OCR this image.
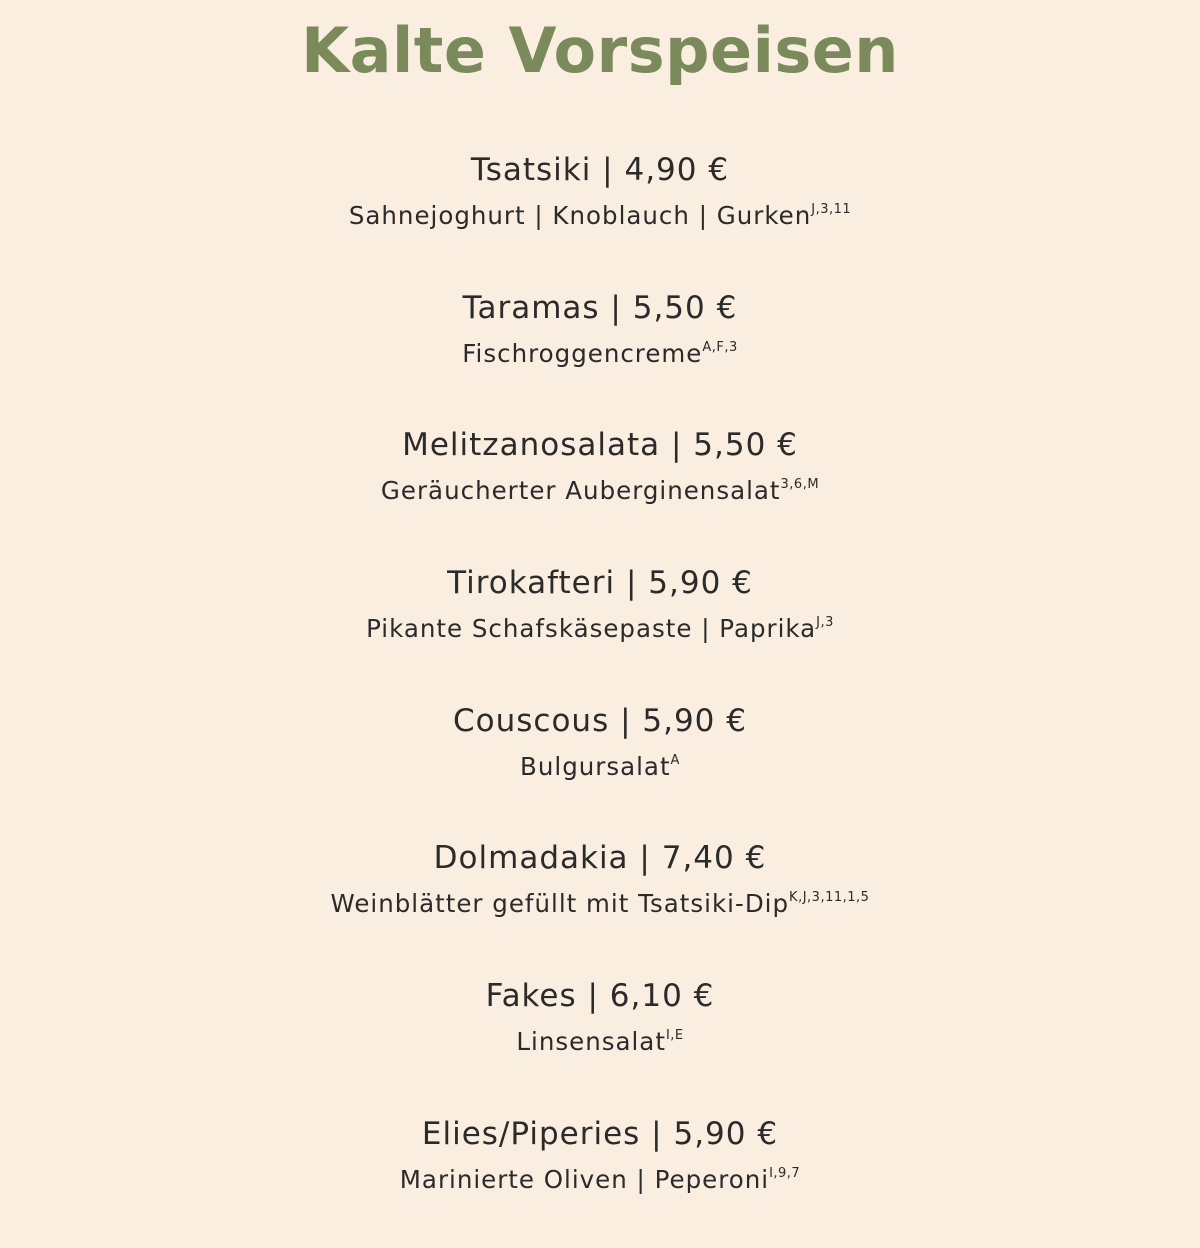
Kalte Vorspeisen
Tsatsiki | 4,90 €
Sahnejoghurt | Knoblauch | Gurken$^{J,3,11}$
Taramas | 5,50 €
Fischroggencreme$^{A,F,3}$
Melitzanosalata | 5,50 €
Geräucherter Auberginensalat$^{3,6,M}$
Tirokafteri | 5,90 €
Pikante Schafskäsepaste | Paprika$^{J,3}$
Couscous | 5,90 €
Bulgursalat$^A$
Dolmadakia | 7,40 €
Weinblätter gefüllt mit Tsatsiki-Dip$^{K,J,3,11,1,5}$
Fakes | 6,10 €
Linsensalat$^{I,E}$
Elies/Piperies | 5,90 €
Marinierte Oliven | Peperoni$^{I,9,7}$
